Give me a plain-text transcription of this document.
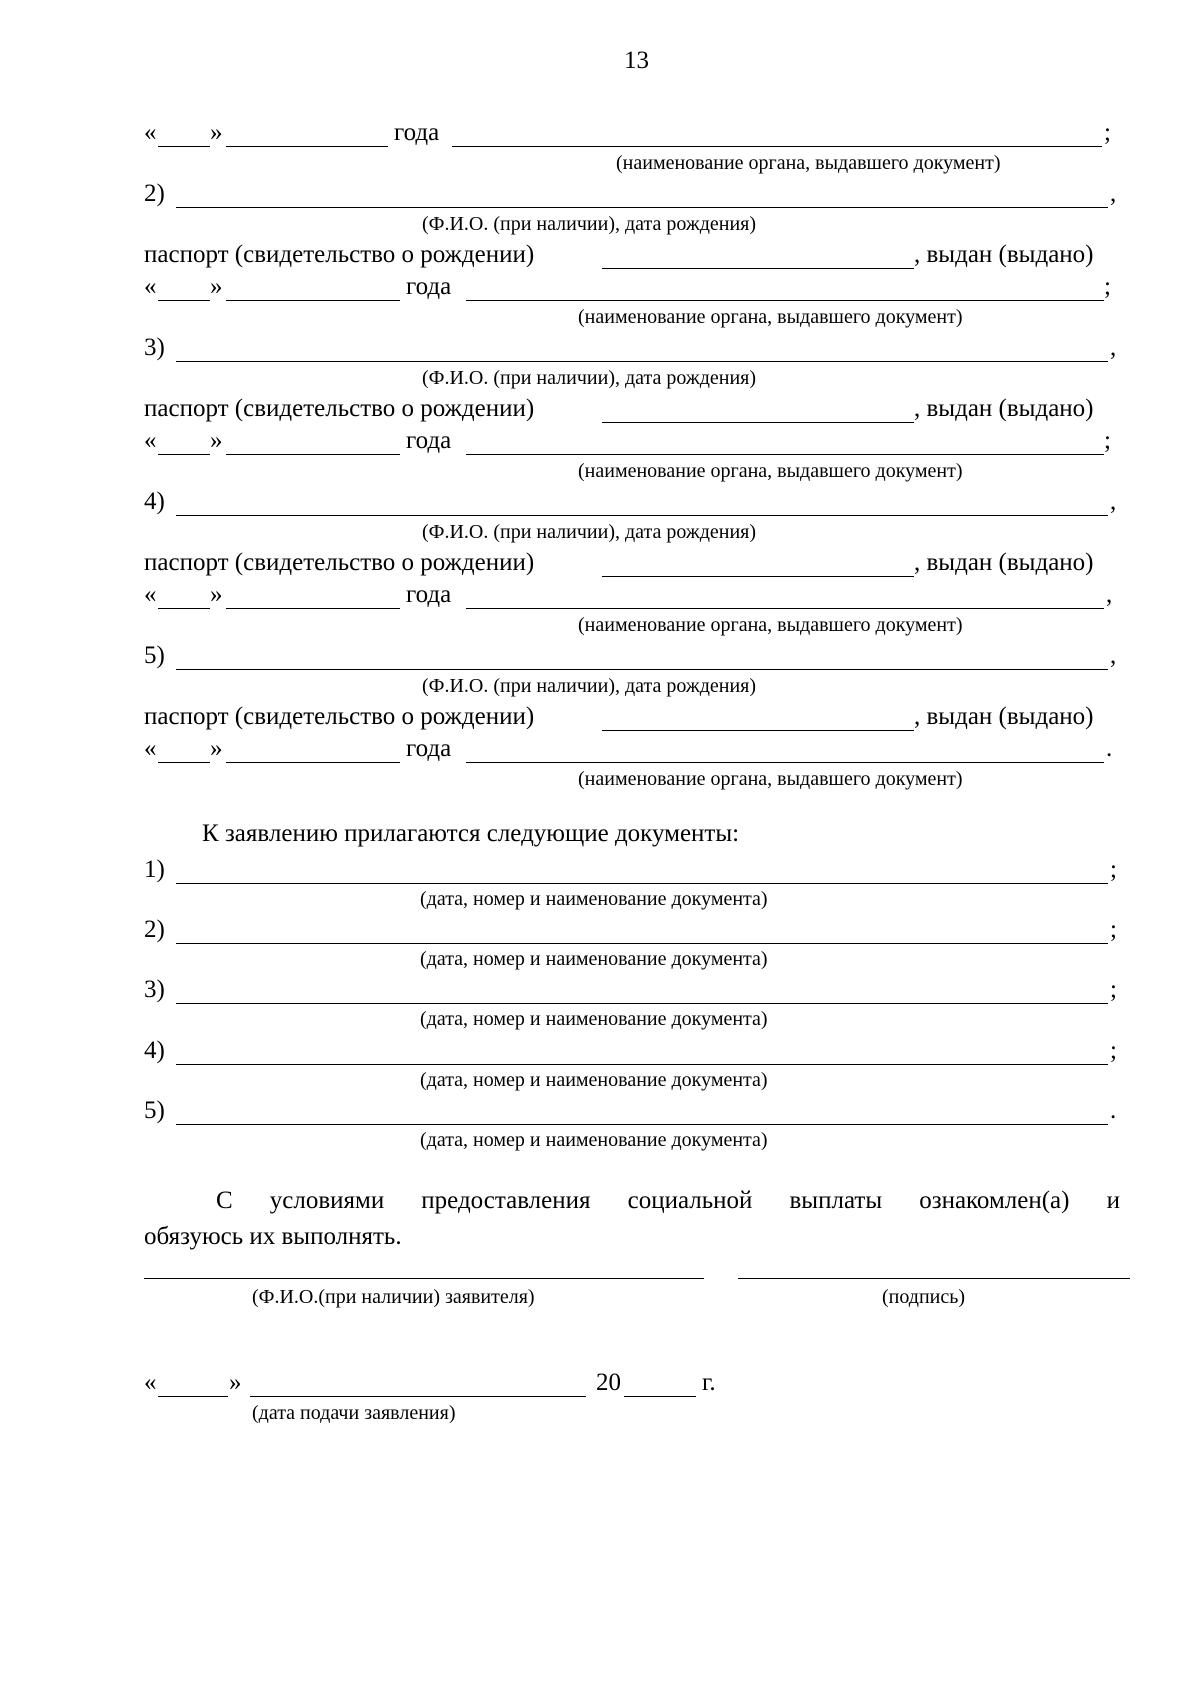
13
« »	года	;
(наименование органа, выдавшего документ)
2)	,
(Ф.И.О. (при наличии), дата рождения)
паспорт (свидетельство о рождении)	, выдан (выдано)
« »	года	;
(наименование органа, выдавшего документ)
3)	,
(Ф.И.О. (при наличии), дата рождения)
паспорт (свидетельство о рождении)	, выдан (выдано)
« »	года	;
(наименование органа, выдавшего документ)
4)	,
(Ф.И.О. (при наличии), дата рождения)
паспорт (свидетельство о рождении)	, выдан (выдано)
« »	года	,
(наименование органа, выдавшего документ)
5)	,
(Ф.И.О. (при наличии), дата рождения)
паспорт (свидетельство о рождении)	, выдан (выдано)
« »	года	.
(наименование органа, выдавшего документ)
К заявлению прилагаются следующие документы:
1)	;
(дата, номер и наименование документа)
2)	;
(дата, номер и наименование документа)
3)	;
(дата, номер и наименование документа)
4)	;
(дата, номер и наименование документа)
5)	.
(дата, номер и наименование документа)
С условиями предоставления социальной выплаты ознакомлен(а) и
обязуюсь их выполнять.
(Ф.И.О.(при наличии) заявителя)	(подпись)
«	»	20	г.
(дата подачи заявления)
